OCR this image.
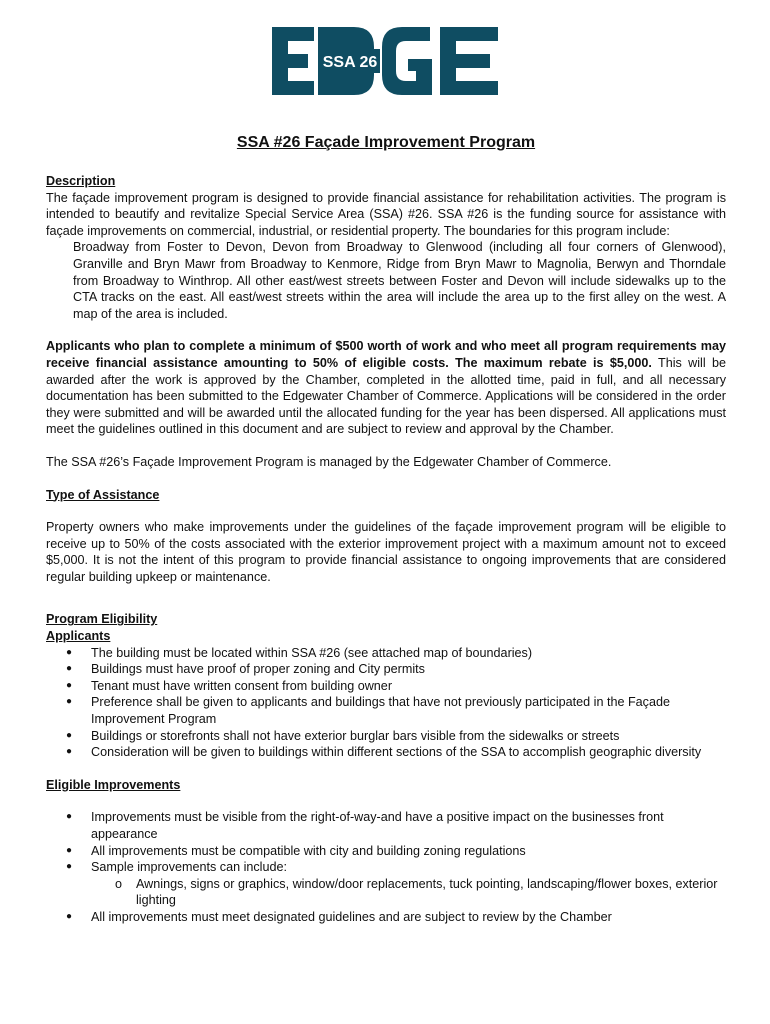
SSA 26
SSA #26 Façade Improvement Program
Description

The façade improvement program is designed to provide financial assistance for rehabilitation activities. The program is intended to beautify and revitalize Special Service Area (SSA) #26. SSA #26 is the funding source for assistance with façade improvements on commercial, industrial, or residential property. The boundaries for this program include:

Broadway from Foster to Devon, Devon from Broadway to Glenwood (including all four corners of Glenwood), Granville and Bryn Mawr from Broadway to Kenmore, Ridge from Bryn Mawr to Magnolia, Berwyn and Thorndale from Broadway to Winthrop. All other east/west streets between Foster and Devon will include sidewalks up to the CTA tracks on the east. All east/west streets within the area will include the area up to the first alley on the west. A map of the area is included.

Applicants who plan to complete a minimum of $500 worth of work and who meet all program requirements may receive financial assistance amounting to 50% of eligible costs. The maximum rebate is $5,000. This will be awarded after the work is approved by the Chamber, completed in the allotted time, paid in full, and all necessary documentation has been submitted to the Edgewater Chamber of Commerce. Applications will be considered in the order they were submitted and will be awarded until the allocated funding for the year has been dispersed. All applications must meet the guidelines outlined in this document and are subject to review and approval by the Chamber.

The SSA #26’s Façade Improvement Program is managed by the Edgewater Chamber of Commerce.

Type of Assistance

Property owners who make improvements under the guidelines of the façade improvement program will be eligible to receive up to 50% of the costs associated with the exterior improvement project with a maximum amount not to exceed $5,000. It is not the intent of this program to provide financial assistance to ongoing improvements that are considered regular building upkeep or maintenance.

Program Eligibility
Applicants
● The building must be located within SSA #26 (see attached map of boundaries)
● Buildings must have proof of proper zoning and City permits
● Tenant must have written consent from building owner
● Preference shall be given to applicants and buildings that have not previously participated in the Façade Improvement Program
● Buildings or storefronts shall not have exterior burglar bars visible from the sidewalks or streets
● Consideration will be given to buildings within different sections of the SSA to accomplish geographic diversity
Eligible Improvements
● Improvements must be visible from the right-of-way-and have a positive impact on the businesses front appearance
● All improvements must be compatible with city and building zoning regulations
● Sample improvements can include:
o Awnings, signs or graphics, window/door replacements, tuck pointing, landscaping/flower boxes, exterior lighting
● All improvements must meet designated guidelines and are subject to review by the Chamber
